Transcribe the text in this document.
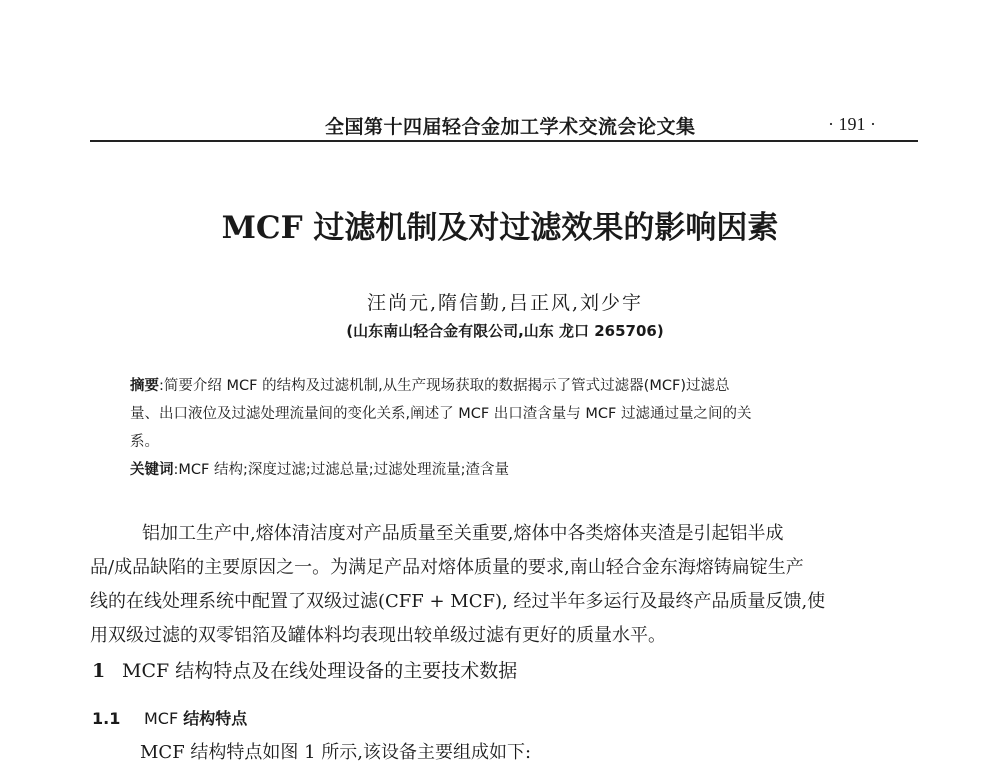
全国第十四届轻合金加工学术交流会论文集	· 191 ·
MCF 过滤机制及对过滤效果的影响因素
汪尚元,隋信勤,吕正风,刘少宇
(山东南山轻合金有限公司,山东 龙口 265706)
摘要:简要介绍 MCF 的结构及过滤机制,从生产现场获取的数据揭示了管式过滤器(MCF)过滤总
量、出口液位及过滤处理流量间的变化关系,阐述了 MCF 出口渣含量与 MCF 过滤通过量之间的关
系。
关键词:MCF 结构;深度过滤;过滤总量;过滤处理流量;渣含量
铝加工生产中,熔体清洁度对产品质量至关重要,熔体中各类熔体夹渣是引起铝半成
品/成品缺陷的主要原因之一。为满足产品对熔体质量的要求,南山轻合金东海熔铸扁锭生产
线的在线处理系统中配置了双级过滤(CFF + MCF), 经过半年多运行及最终产品质量反馈,使
用双级过滤的双零铝箔及罐体料均表现出较单级过滤有更好的质量水平。
1 MCF 结构特点及在线处理设备的主要技术数据
1.1 MCF 结构特点
MCF 结构特点如图 1 所示,该设备主要组成如下:
